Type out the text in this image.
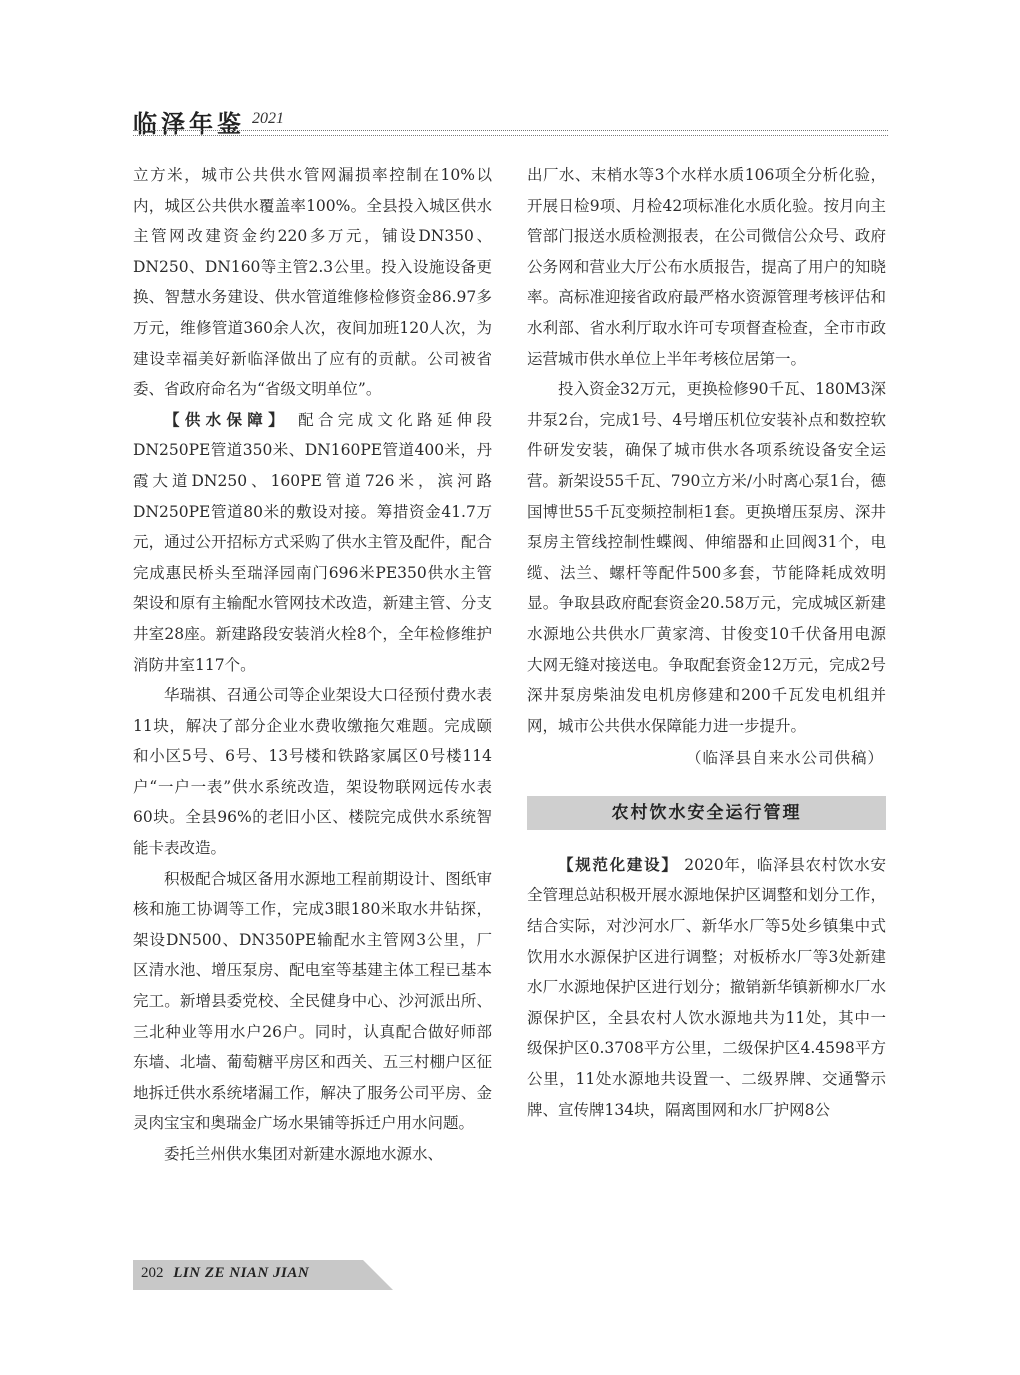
临泽年鉴 2021

立方米，城市公共供水管网漏损率控制在10%以内，城区公共供水覆盖率100%。全县投入城区供水主管网改建资金约220多万元，铺设DN350、DN250、DN160等主管2.3公里。投入设施设备更换、智慧水务建设、供水管道维修检修资金86.97多万元，维修管道360余人次，夜间加班120人次，为建设幸福美好新临泽做出了应有的贡献。公司被省委、省政府命名为“省级文明单位”。

【供水保障】 配合完成文化路延伸段DN250PE管道350米、DN160PE管道400米，丹霞大道DN250、160PE管道726米，滨河路DN250PE管道80米的敷设对接。筹措资金41.7万元，通过公开招标方式采购了供水主管及配件，配合完成惠民桥头至瑞泽园南门696米PE350供水主管架设和原有主输配水管网技术改造，新建主管、分支井室28座。新建路段安装消火栓8个，全年检修维护消防井室117个。

华瑞祺、召通公司等企业架设大口径预付费水表11块，解决了部分企业水费收缴拖欠难题。完成颐和小区5号、6号、13号楼和铁路家属区0号楼114户“一户一表”供水系统改造，架设物联网远传水表60块。全县96%的老旧小区、楼院完成供水系统智能卡表改造。

积极配合城区备用水源地工程前期设计、图纸审核和施工协调等工作，完成3眼180米取水井钻探，架设DN500、DN350PE输配水主管网3公里，厂区清水池、增压泵房、配电室等基建主体工程已基本完工。新增县委党校、全民健身中心、沙河派出所、三北种业等用水户26户。同时，认真配合做好师部东墙、北墙、葡萄糖平房区和西关、五三村棚户区征地拆迁供水系统堵漏工作，解决了服务公司平房、金灵肉宝宝和奥瑞金广场水果铺等拆迁户用水问题。

委托兰州供水集团对新建水源地水源水、

出厂水、末梢水等3个水样水质106项全分析化验，开展日检9项、月检42项标准化水质化验。按月向主管部门报送水质检测报表，在公司微信公众号、政府公务网和营业大厅公布水质报告，提高了用户的知晓率。高标准迎接省政府最严格水资源管理考核评估和水利部、省水利厅取水许可专项督查检查，全市市政运营城市供水单位上半年考核位居第一。

投入资金32万元，更换检修90千瓦、180M3深井泵2台，完成1号、4号增压机位安装补点和数控软件研发安装，确保了城市供水各项系统设备安全运营。新架设55千瓦、790立方米/小时离心泵1台，德国博世55千瓦变频控制柜1套。更换增压泵房、深井泵房主管线控制性蝶阀、伸缩器和止回阀31个，电缆、法兰、螺杆等配件500多套，节能降耗成效明显。争取县政府配套资金20.58万元，完成城区新建水源地公共供水厂黄家湾、甘俊变10千伏备用电源大网无缝对接送电。争取配套资金12万元，完成2号深井泵房柴油发电机房修建和200千瓦发电机组并网，城市公共供水保障能力进一步提升。

（临泽县自来水公司供稿）
农村饮水安全运行管理

【规范化建设】 2020年，临泽县农村饮水安全管理总站积极开展水源地保护区调整和划分工作，结合实际，对沙河水厂、新华水厂等5处乡镇集中式饮用水水源保护区进行调整；对板桥水厂等3处新建水厂水源地保护区进行划分；撤销新华镇新柳水厂水源保护区，全县农村人饮水源地共为11处，其中一级保护区0.3708平方公里，二级保护区4.4598平方公里，11处水源地共设置一、二级界牌、交通警示牌、宣传牌134块，隔离围网和水厂护网8公

202 LIN ZE NIAN JIAN
